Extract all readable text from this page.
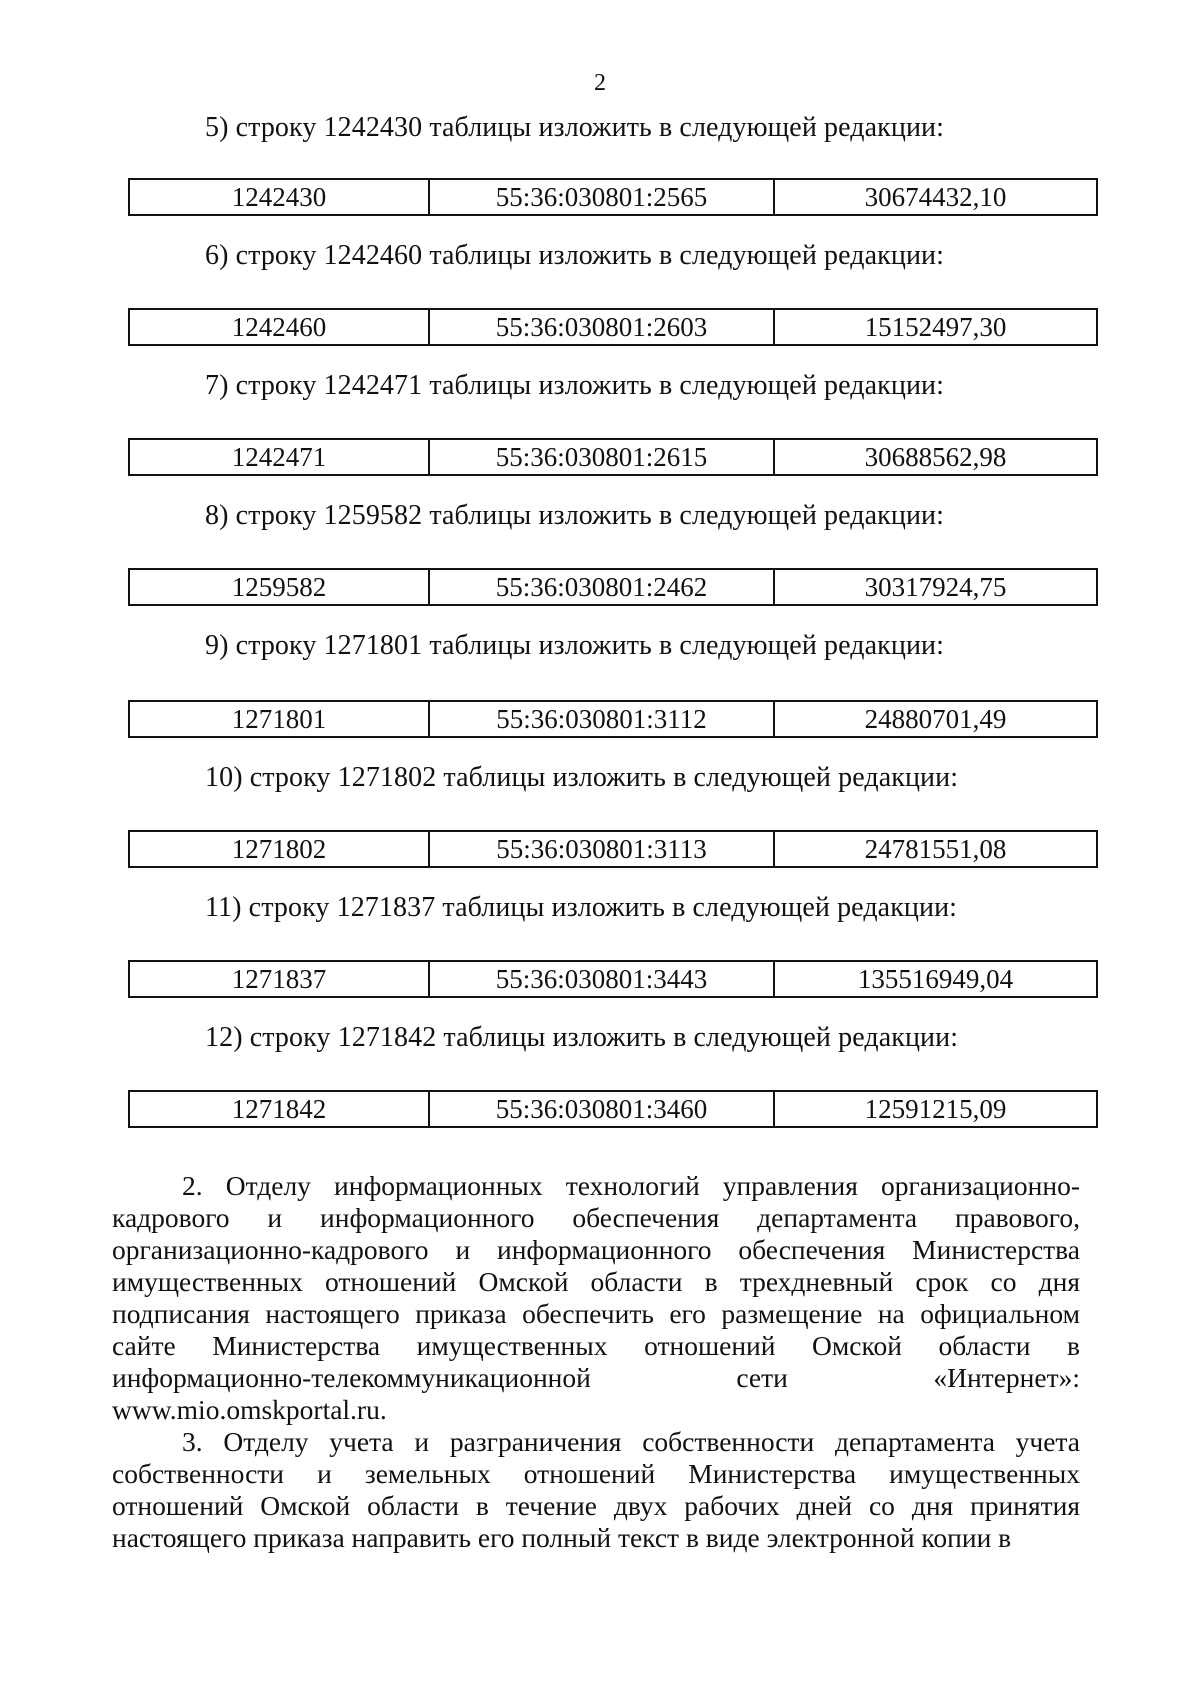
2
5) строку 1242430 таблицы изложить в следующей редакции:
1242430	55:36:030801:2565	30674432,10
6) строку 1242460 таблицы изложить в следующей редакции:
1242460	55:36:030801:2603	15152497,30
7) строку 1242471 таблицы изложить в следующей редакции:
1242471	55:36:030801:2615	30688562,98
8) строку 1259582 таблицы изложить в следующей редакции:
1259582	55:36:030801:2462	30317924,75
9) строку 1271801 таблицы изложить в следующей редакции:
1271801	55:36:030801:3112	24880701,49
10) строку 1271802 таблицы изложить в следующей редакции:
1271802	55:36:030801:3113	24781551,08
11) строку 1271837 таблицы изложить в следующей редакции:
1271837	55:36:030801:3443	135516949,04
12) строку 1271842 таблицы изложить в следующей редакции:
1271842	55:36:030801:3460	12591215,09

2. Отделу информационных технологий управления организационно-кадрового и информационного обеспечения департамента правового, организационно-кадрового и информационного обеспечения Министерства имущественных отношений Омской области в трехдневный срок со дня подписания настоящего приказа обеспечить его размещение на официальном сайте Министерства имущественных отношений Омской области в информационно-телекоммуникационной сети «Интернет»: www.mio.omskportal.ru.

3. Отделу учета и разграничения собственности департамента учета собственности и земельных отношений Министерства имущественных отношений Омской области в течение двух рабочих дней со дня принятия настоящего приказа направить его полный текст в виде электронной копии в
